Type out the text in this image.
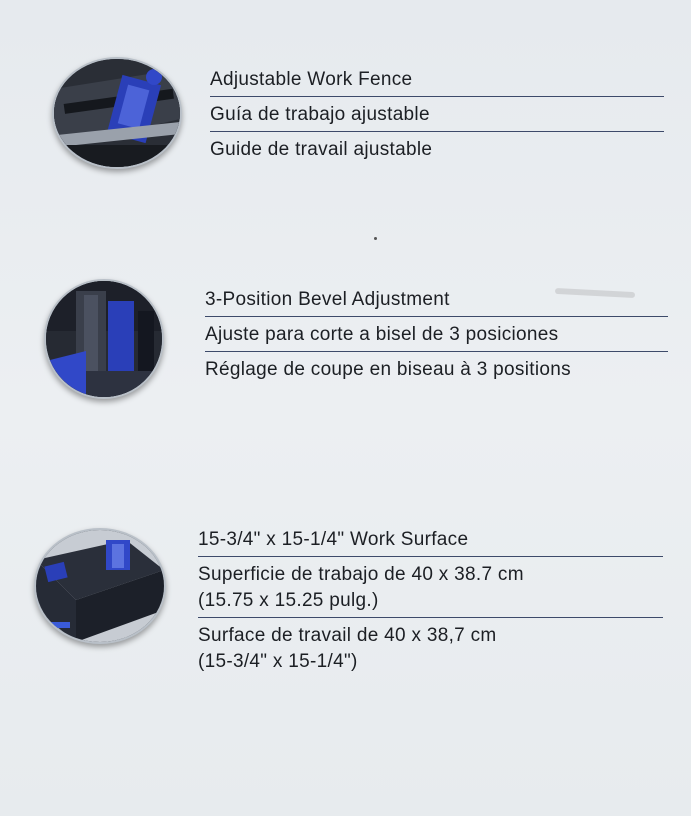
Adjustable Work Fence
Guía de trabajo ajustable
Guide de travail ajustable
3-Position Bevel Adjustment
Ajuste para corte a bisel de 3 posiciones
Réglage de coupe en biseau à 3 positions
15-3/4" x 15-1/4" Work Surface
Superficie de trabajo de 40 x 38.7 cm
(15.75 x 15.25 pulg.)
Surface de travail de 40 x 38,7 cm
(15-3/4" x 15-1/4")
